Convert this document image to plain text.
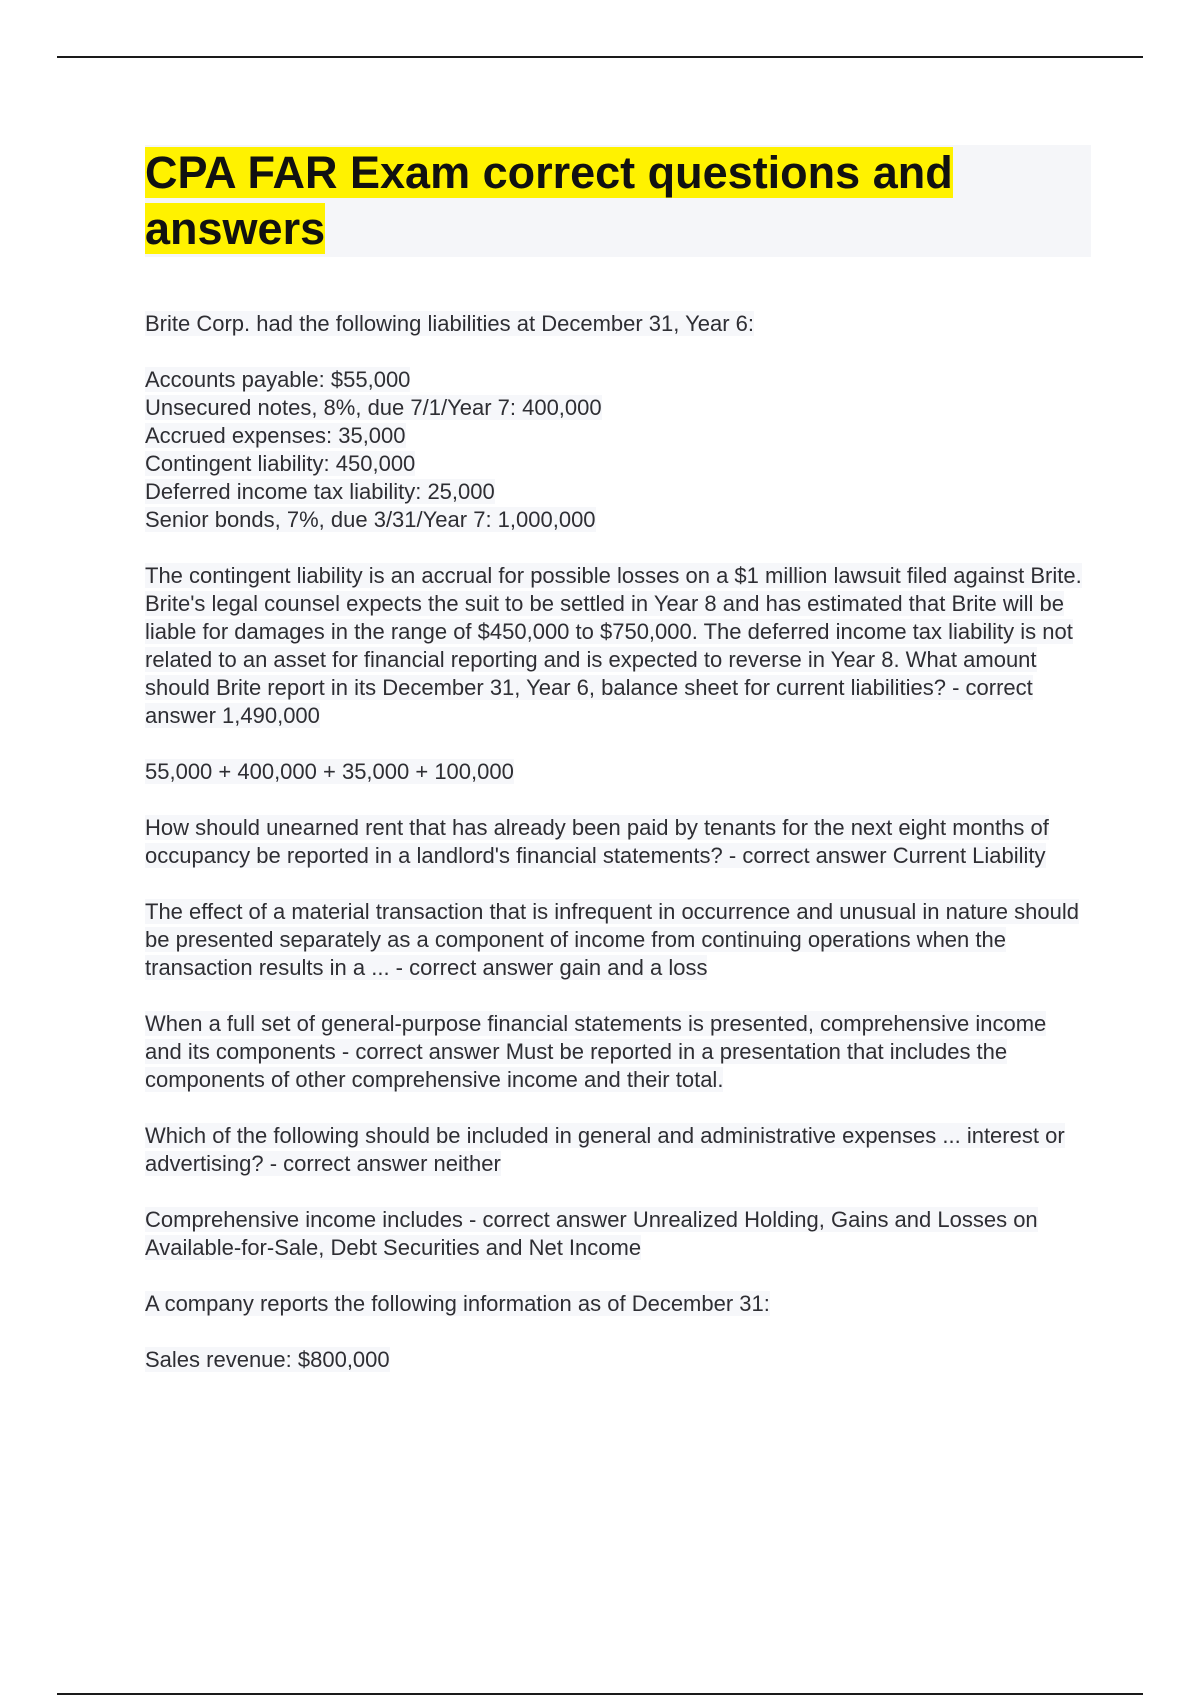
CPA FAR Exam correct questions and answers

Brite Corp. had the following liabilities at December 31, Year 6:

Accounts payable: $55,000
Unsecured notes, 8%, due 7/1/Year 7: 400,000
Accrued expenses: 35,000
Contingent liability: 450,000
Deferred income tax liability: 25,000
Senior bonds, 7%, due 3/31/Year 7: 1,000,000

The contingent liability is an accrual for possible losses on a $1 million lawsuit filed against Brite. Brite's legal counsel expects the suit to be settled in Year 8 and has estimated that Brite will be liable for damages in the range of $450,000 to $750,000. The deferred income tax liability is not related to an asset for financial reporting and is expected to reverse in Year 8. What amount should Brite report in its December 31, Year 6, balance sheet for current liabilities? - correct answer 1,490,000

55,000 + 400,000 + 35,000 + 100,000

How should unearned rent that has already been paid by tenants for the next eight months of occupancy be reported in a landlord's financial statements? - correct answer Current Liability

The effect of a material transaction that is infrequent in occurrence and unusual in nature should be presented separately as a component of income from continuing operations when the transaction results in a ... - correct answer gain and a loss

When a full set of general-purpose financial statements is presented, comprehensive income and its components - correct answer Must be reported in a presentation that includes the components of other comprehensive income and their total.

Which of the following should be included in general and administrative expenses ... interest or advertising? - correct answer neither

Comprehensive income includes - correct answer Unrealized Holding, Gains and Losses on
Available-for-Sale, Debt Securities and Net Income

A company reports the following information as of December 31:

Sales revenue: $800,000
